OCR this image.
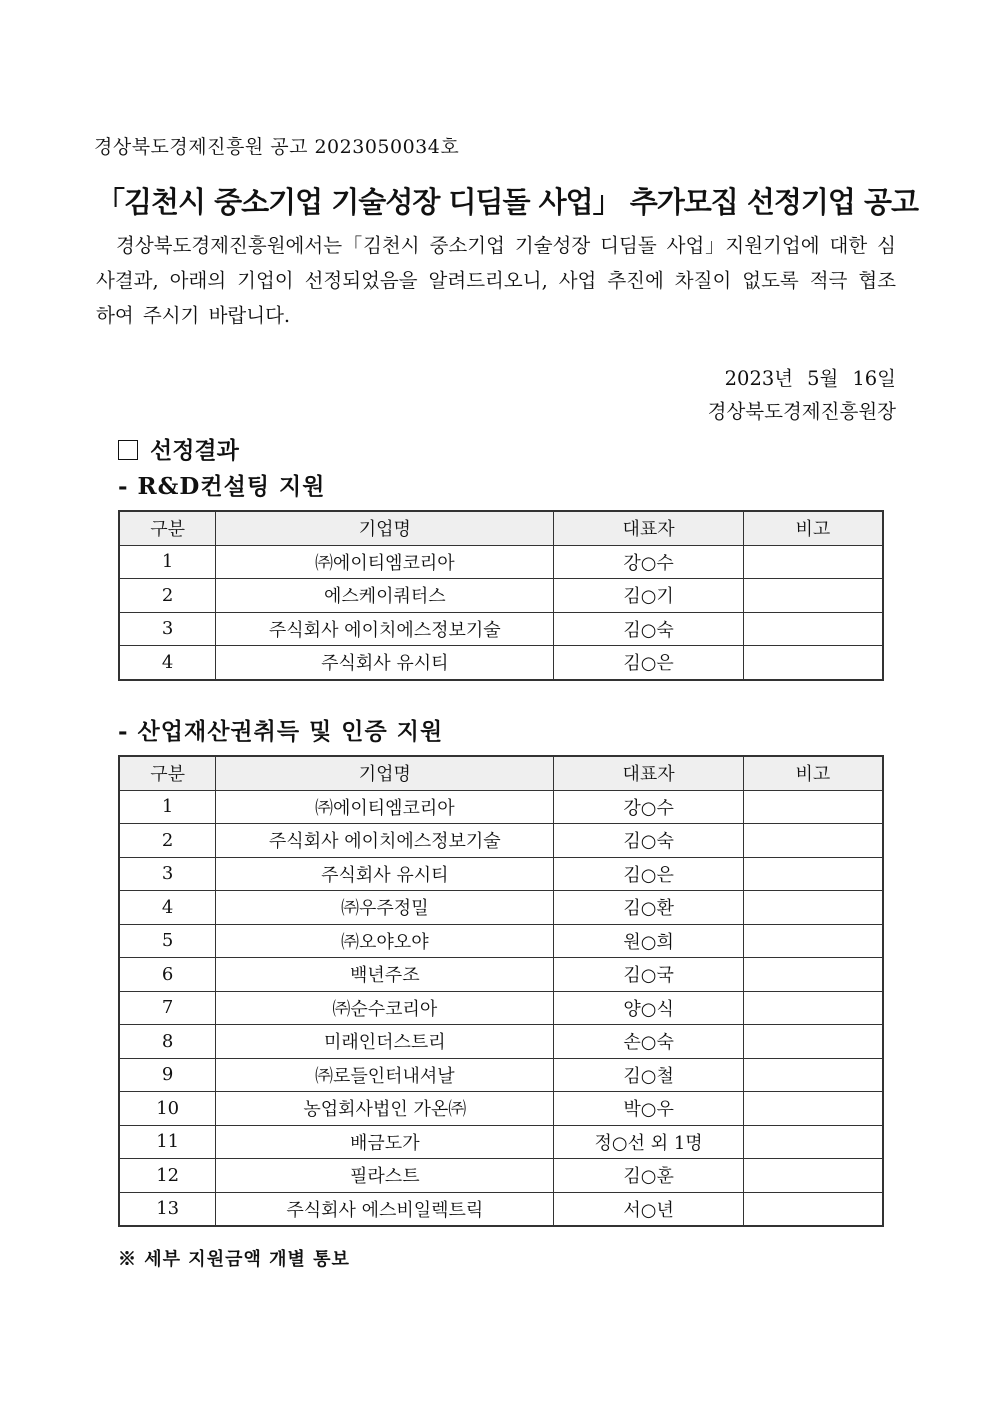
경상북도경제진흥원 공고 2023050034호
「김천시 중소기업 기술성장 디딤돌 사업」 추가모집 선정기업 공고
경상북도경제진흥원에서는「김천시 중소기업 기술성장 디딤돌 사업」지원기업에 대한 심사결과, 아래의 기업이 선정되었음을 알려드리오니, 사업 추진에 차질이 없도록 적극 협조하여 주시기 바랍니다.
2023년 5월 16일
경상북도경제진흥원장
선정결과
- R&D컨설팅 지원
구분	기업명	대표자	비고
1	㈜에이티엠코리아	강○수	
2	에스케이쿼터스	김○기	
3	주식회사 에이치에스정보기술	김○숙	
4	주식회사 유시티	김○은	
- 산업재산권취득 및 인증 지원
구분	기업명	대표자	비고
1	㈜에이티엠코리아	강○수	
2	주식회사 에이치에스정보기술	김○숙	
3	주식회사 유시티	김○은	
4	㈜우주정밀	김○환	
5	㈜오야오야	원○희	
6	백년주조	김○국	
7	㈜순수코리아	양○식	
8	미래인더스트리	손○숙	
9	㈜로들인터내셔날	김○철	
10	농업회사법인 가온㈜	박○우	
11	배금도가	정○선 외 1명	
12	필라스트	김○훈	
13	주식회사 에스비일렉트릭	서○년	
※ 세부 지원금액 개별 통보
